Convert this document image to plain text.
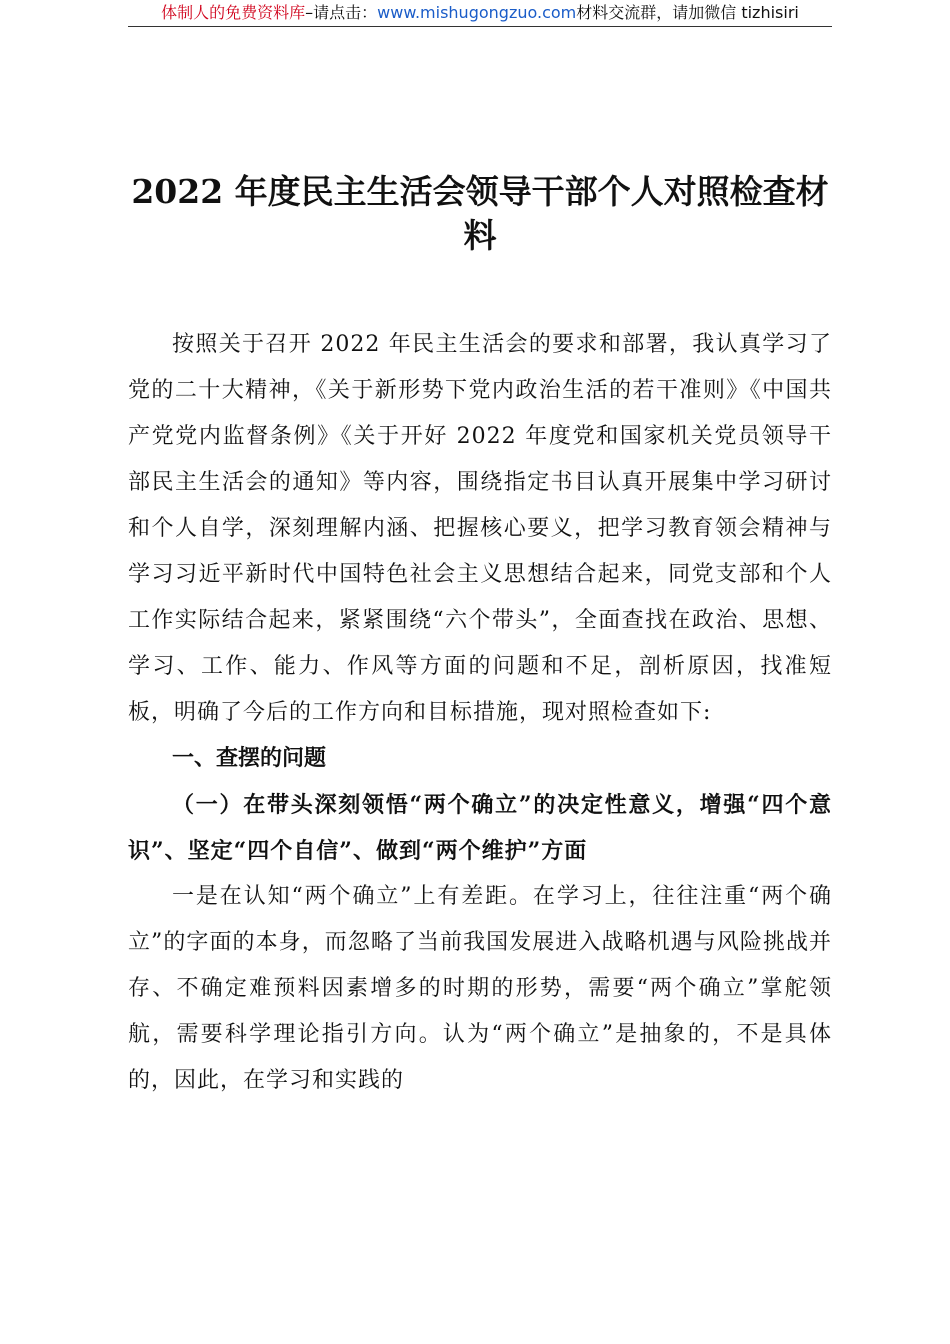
体制人的免费资料库–请点击：www.mishugongzuo.com材料交流群，请加微信 tizhisiri
2022 年度民主生活会领导干部个人对照检查材料

按照关于召开 2022 年民主生活会的要求和部署，我认真学习了党的二十大精神，《关于新形势下党内政治生活的若干准则》《中国共产党党内监督条例》《关于开好 2022 年度党和国家机关党员领导干部民主生活会的通知》等内容，围绕指定书目认真开展集中学习研讨和个人自学，深刻理解内涵、把握核心要义，把学习教育领会精神与学习习近平新时代中国特色社会主义思想结合起来，同党支部和个人工作实际结合起来，紧紧围绕“六个带头”，全面查找在政治、思想、学习、工作、能力、作风等方面的问题和不足，剖析原因，找准短板，明确了今后的工作方向和目标措施，现对照检查如下:

一、查摆的问题

（一）在带头深刻领悟“两个确立”的决定性意义，增强“四个意识”、坚定“四个自信”、做到“两个维护”方面

一是在认知“两个确立”上有差距。在学习上，往往注重“两个确立”的字面的本身，而忽略了当前我国发展进入战略机遇与风险挑战并存、不确定难预料因素增多的时期的形势，需要“两个确立”掌舵领航，需要科学理论指引方向。认为“两个确立”是抽象的，不是具体的，因此，在学习和实践的
